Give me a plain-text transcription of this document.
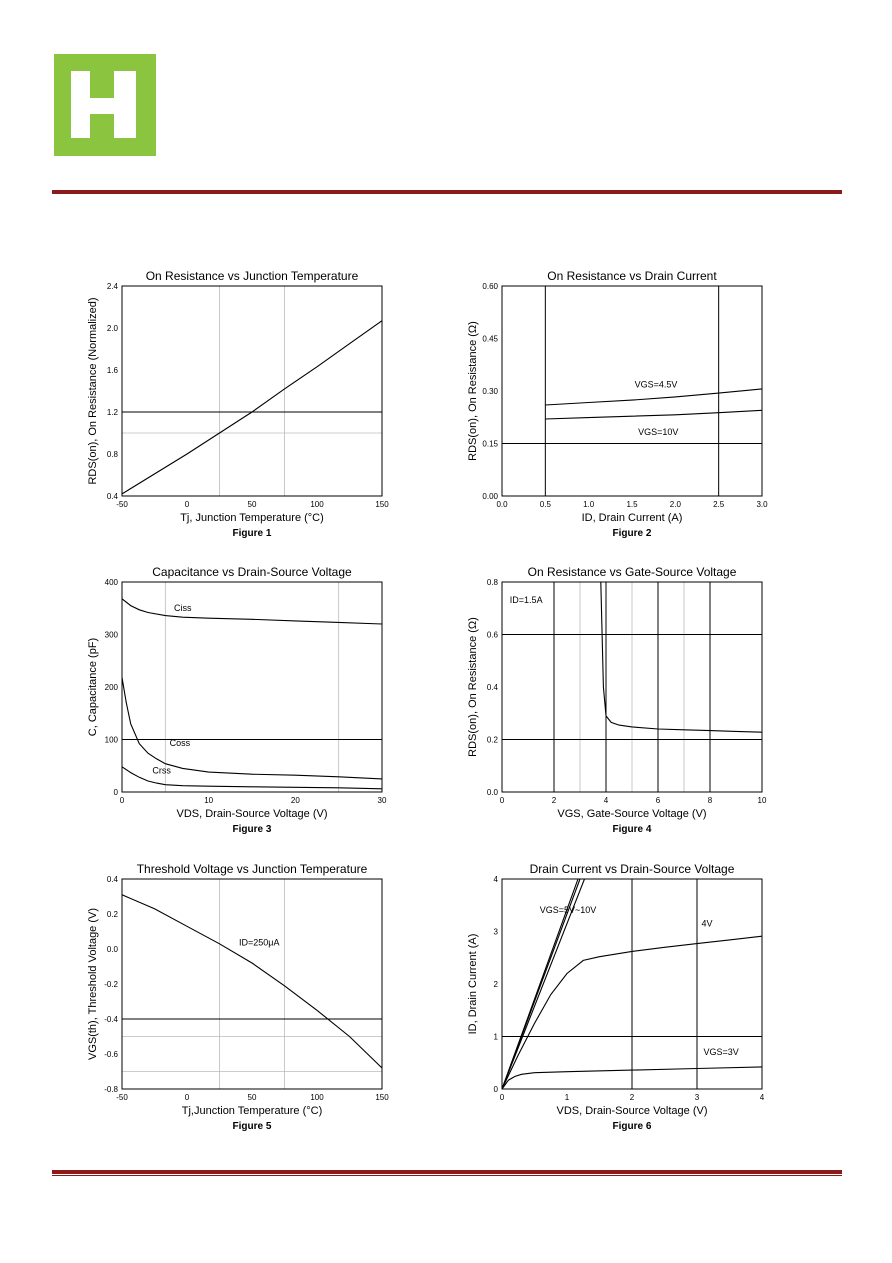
On Resistance vs Junction Temperature
-50	0	50	100	150
0.4
0.8
1.2
1.6
2.0
2.4
Tj, Junction Temperature (°C)
RDS(on), On Resistance (Normalized)
Figure 1
On Resistance vs Drain Current
0.0	0.5	1.0	1.5	2.0	2.5	3.0
0.00
0.15
0.30
0.45
0.60
ID, Drain Current (A)
RDS(on), On Resistance (Ω)	VGS=4.5V
VGS=10V
Figure 2
Capacitance vs Drain-Source Voltage
0	10	20	30
0
100
200
300
400
VDS, Drain-Source Voltage (V)
C, Capacitance (pF)
Ciss
Coss
Crss
Figure 3
On Resistance vs Gate-Source Voltage
0	2	4	6	8	10
0.0
0.2
0.4
0.6
0.8
VGS, Gate-Source Voltage (V)
RDS(on), On Resistance (Ω)
ID=1.5A
Figure 4
Threshold Voltage vs Junction Temperature
-50	0	50	100	150
0.4
0.2
0.0
-0.2
-0.4
-0.6
-0.8
Tj,Junction Temperature (°C)
VGS(th), Threshold Voltage (V)	ID=250μA
Figure 5
Drain Current vs Drain-Source Voltage
0	1	2	3	4
0
1
2
3
4
VDS, Drain-Source Voltage (V)
ID, Drain Current (A)
VGS=5V~10V
4V
VGS=3V
Figure 6
